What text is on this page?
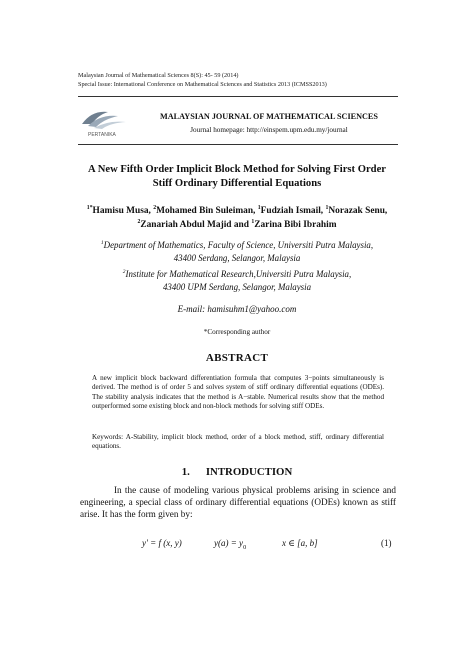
Malaysian Journal of Mathematical Sciences 8(S): 45- 59 (2014)
Special Issue: International Conference on Mathematical Sciences and Statistics 2013 (ICMSS2013)
PERTANIKA
MALAYSIAN JOURNAL OF MATHEMATICAL SCIENCES
Journal homepage: http://einspem.upm.edu.my/journal
A New Fifth Order Implicit Block Method for Solving First Order
Stiff Ordinary Differential Equations
$^{1*}$Hamisu Musa, $^2$Mohamed Bin Suleiman, $^1$Fudziah Ismail, $^1$Norazak Senu,
$^2$Zanariah Abdul Majid and $^1$Zarina Bibi Ibrahim
$^1$Department of Mathematics, Faculty of Science, Universiti Putra Malaysia,
43400 Serdang, Selangor, Malaysia
$^2$Institute for Mathematical Research,Universiti Putra Malaysia,
43400 UPM Serdang, Selangor, Malaysia
E-mail: hamisuhm1@yahoo.com
*Corresponding author
ABSTRACT
A new implicit block backward differentiation formula that computes 3−points simultaneously is derived. The method is of order 5 and solves system of stiff ordinary differential equations (ODEs). The stability analysis indicates that the method is A−stable. Numerical results show that the method outperformed some existing block and non-block methods for solving stiff ODEs.
Keywords: A-Stability, implicit block method, order of a block method, stiff, ordinary differential equations.
1. INTRODUCTION
In the cause of modeling various physical problems arising in science and engineering, a special class of ordinary differential equations (ODEs) known as stiff arise. It has the form given by:
y' = f (x, y)	$y(a) = y_0$	x ∈ [a, b]	(1)
